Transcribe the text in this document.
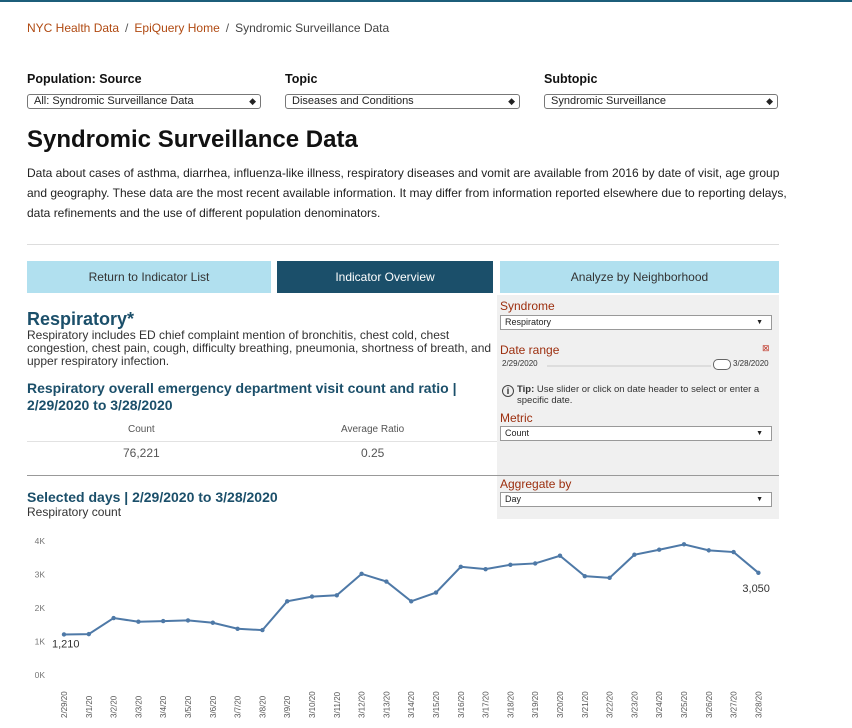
NYC Health Data / EpiQuery Home / Syndromic Surveillance Data
Population: Source
All: Syndromic Surveillance Data	◆
Topic
Diseases and Conditions	◆
Subtopic
Syndromic Surveillance	◆
Syndromic Surveillance Data

Data about cases of asthma, diarrhea, influenza-like illness, respiratory diseases and vomit are available from 2016 by date of visit, age group and geography. These data are the most recent available information. It may differ from information reported elsewhere due to reporting delays, data refinements and the use of different population denominators.

Return to Indicator List	Indicator Overview	Analyze by Neighborhood
Respiratory*
Respiratory includes ED chief complaint mention of bronchitis, chest cold, chest congestion, chest pain, cough, difficulty breathing, pneumonia, shortness of breath, and upper respiratory infection.
Respiratory overall emergency department visit count and ratio | 2/29/2020 to 3/28/2020
Count	Average Ratio
76,221	0.25
Selected days | 2/29/2020 to 3/28/2020
Respiratory count
Syndrome
Respiratory	▼
Date range	⊠
2/29/2020	3/28/2020
i Tip: Use slider or click on date header to select or enter a specific date.
Metric
Count	▼
Aggregate by
Day	▼
0K
1K
2K
3K
4K
1,210
3,050
2/29/20 3/1/20 3/2/20 3/3/20 3/4/20 3/5/20 3/6/20 3/7/20 3/8/20 3/9/20 3/10/20 3/11/20 3/12/20 3/13/20 3/14/20 3/15/20 3/16/20 3/17/20 3/18/20 3/19/20 3/20/20 3/21/20 3/22/20 3/23/20 3/24/20 3/25/20 3/26/20 3/27/20 3/28/20
